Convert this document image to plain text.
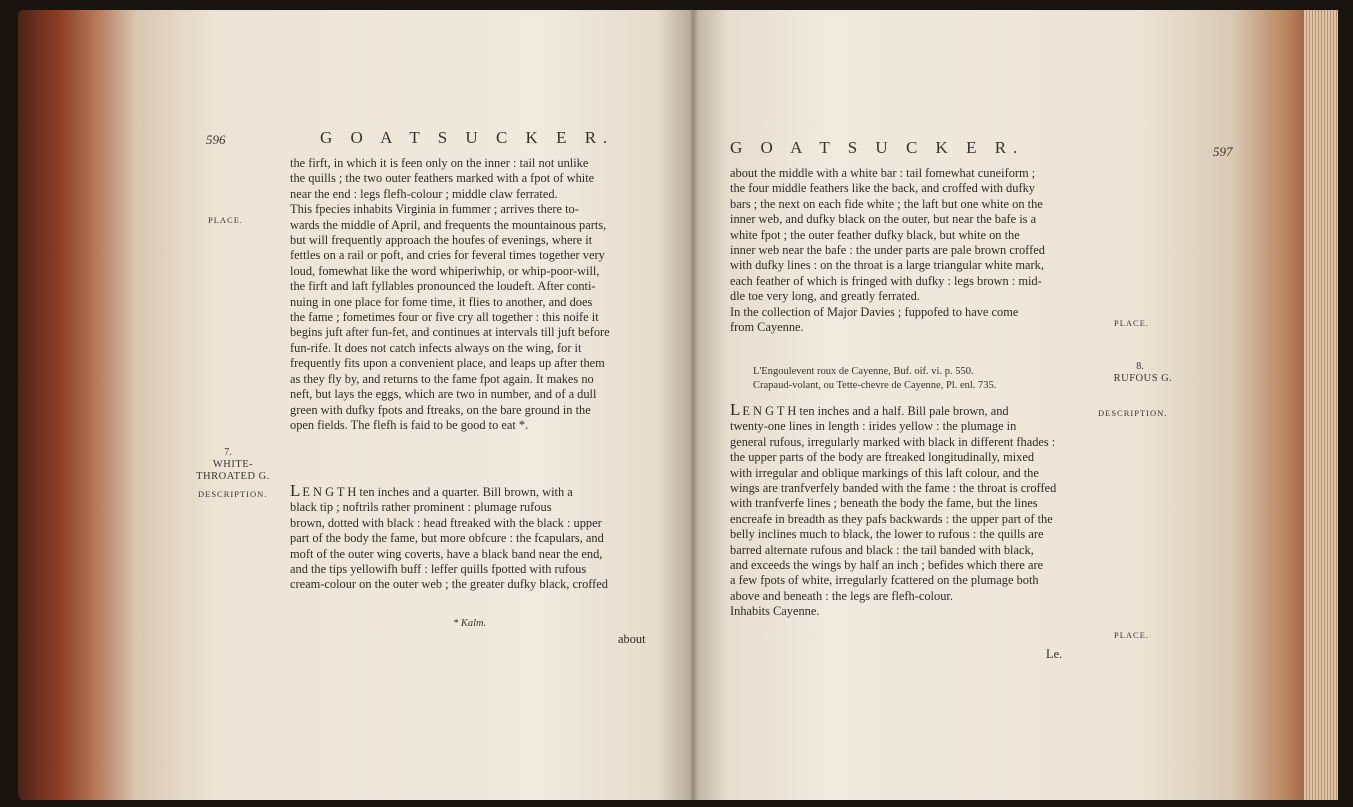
596	G O A T S U C K E R.
PLACE.
7.
WHITE-
THROATED G.
DESCRIPTION.
the firft, in which it is feen only on the inner : tail not unlike
the quills ; the two outer feathers marked with a fpot of white
near the end : legs flefh-colour ; middle claw ferrated.
This fpecies inhabits Virginia in fummer ; arrives there to-
wards the middle of April, and frequents the mountainous parts,
but will frequently approach the houfes of evenings, where it
fettles on a rail or poft, and cries for feveral times together very
loud, fomewhat like the word whiperiwhip, or whip-poor-will,
the firft and laft fyllables pronounced the loudeft. After conti-
nuing in one place for fome time, it flies to another, and does
the fame ; fometimes four or five cry all together : this noife it
begins juft after fun-fet, and continues at intervals till juft before
fun-rife. It does not catch infects always on the wing, for it
frequently fits upon a convenient place, and leaps up after them
as they fly by, and returns to the fame fpot again. It makes no
neft, but lays the eggs, which are two in number, and of a dull
green with dufky fpots and ftreaks, on the bare ground in the
open fields. The flefh is faid to be good to eat *.
LE N G T H ten inches and a quarter. Bill brown, with a
black tip ; noftrils rather prominent : plumage rufous
brown, dotted with black : head ftreaked with the black : upper
part of the body the fame, but more obfcure : the fcapulars, and
moft of the outer wing coverts, have a black band near the end,
and the tips yellowifh buff : leffer quills fpotted with rufous
cream-colour on the outer web ; the greater dufky black, croffed
* Kalm.
about
G O A T S U C K E R.	597
about the middle with a white bar : tail fomewhat cuneiform ;
the four middle feathers like the back, and croffed with dufky
bars ; the next on each fide white ; the laft but one white on the
inner web, and dufky black on the outer, but near the bafe is a
white fpot ; the outer feather dufky black, but white on the
inner web near the bafe : the under parts are pale brown croffed
with dufky lines : on the throat is a large triangular white mark,
each feather of which is fringed with dufky : legs brown : mid-
dle toe very long, and greatly ferrated.
In the collection of Major Davies ; fuppofed to have come
from Cayenne.	PLACE.
L'Engoulevent roux de Cayenne, Buf. oif. vi. p. 550.
Crapaud-volant, ou Tette-chevre de Cayenne, Pl. enl. 735.
8.
RUFOUS G.
DESCRIPTION.
LE N G T H ten inches and a half. Bill pale brown, and
twenty-one lines in length : irides yellow : the plumage in
general rufous, irregularly marked with black in different fhades :
the upper parts of the body are ftreaked longitudinally, mixed
with irregular and oblique markings of this laft colour, and the
wings are tranfverfely banded with the fame : the throat is croffed
with tranfverfe lines ; beneath the body the fame, but the lines
encreafe in breadth as they pafs backwards : the upper part of the
belly inclines much to black, the lower to rufous : the quills are
barred alternate rufous and black : the tail banded with black,
and exceeds the wings by half an inch ; befides which there are
a few fpots of white, irregularly fcattered on the plumage both
above and beneath : the legs are flefh-colour.
Inhabits Cayenne.
PLACE.
Le.
